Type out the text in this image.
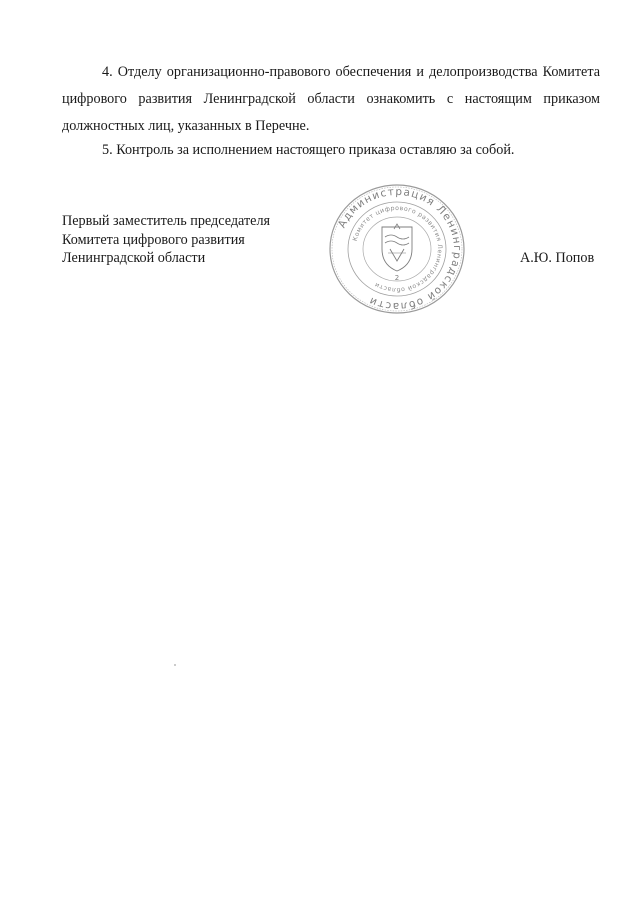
4. Отделу организационно-правового обеспечения и делопроизводства Комитета цифрового развития Ленинградской области ознакомить с настоящим приказом должностных лиц, указанных в Перечне.

5. Контроль за исполнением настоящего приказа оставляю за собой.

Первый заместитель председателя
Комитета цифрового развития
Ленинградской области	А.Ю. Попов
Администрация Ленинградской области
Комитет цифрового развития Ленинградской области
2
